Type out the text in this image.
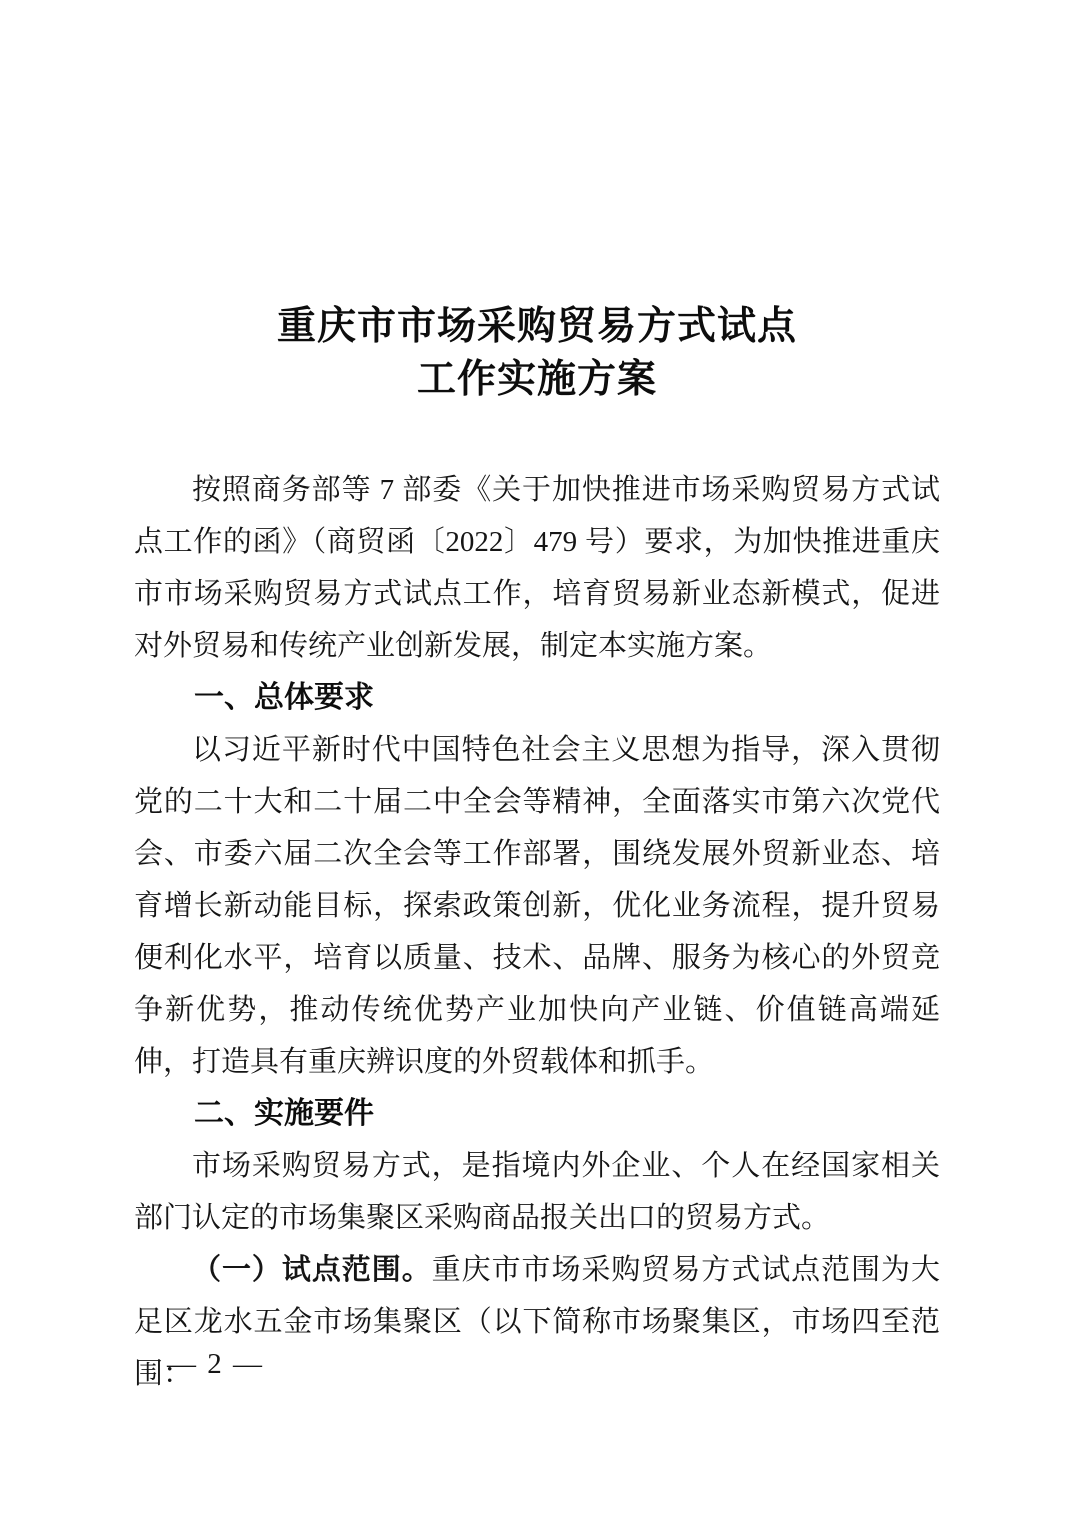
重庆市市场采购贸易方式试点
工作实施方案

按照商务部等 7 部委《关于加快推进市场采购贸易方式试点工作的函》（商贸函〔2022〕479 号）要求，为加快推进重庆市市场采购贸易方式试点工作，培育贸易新业态新模式，促进对外贸易和传统产业创新发展，制定本实施方案。

一、总体要求

以习近平新时代中国特色社会主义思想为指导，深入贯彻党的二十大和二十届二中全会等精神，全面落实市第六次党代会、市委六届二次全会等工作部署，围绕发展外贸新业态、培育增长新动能目标，探索政策创新，优化业务流程，提升贸易便利化水平，培育以质量、技术、品牌、服务为核心的外贸竞争新优势，推动传统优势产业加快向产业链、价值链高端延伸，打造具有重庆辨识度的外贸载体和抓手。

二、实施要件

市场采购贸易方式，是指境内外企业、个人在经国家相关部门认定的市场集聚区采购商品报关出口的贸易方式。

（一）试点范围。重庆市市场采购贸易方式试点范围为大足区龙水五金市场集聚区（以下简称市场聚集区，市场四至范围：

— 2 —
